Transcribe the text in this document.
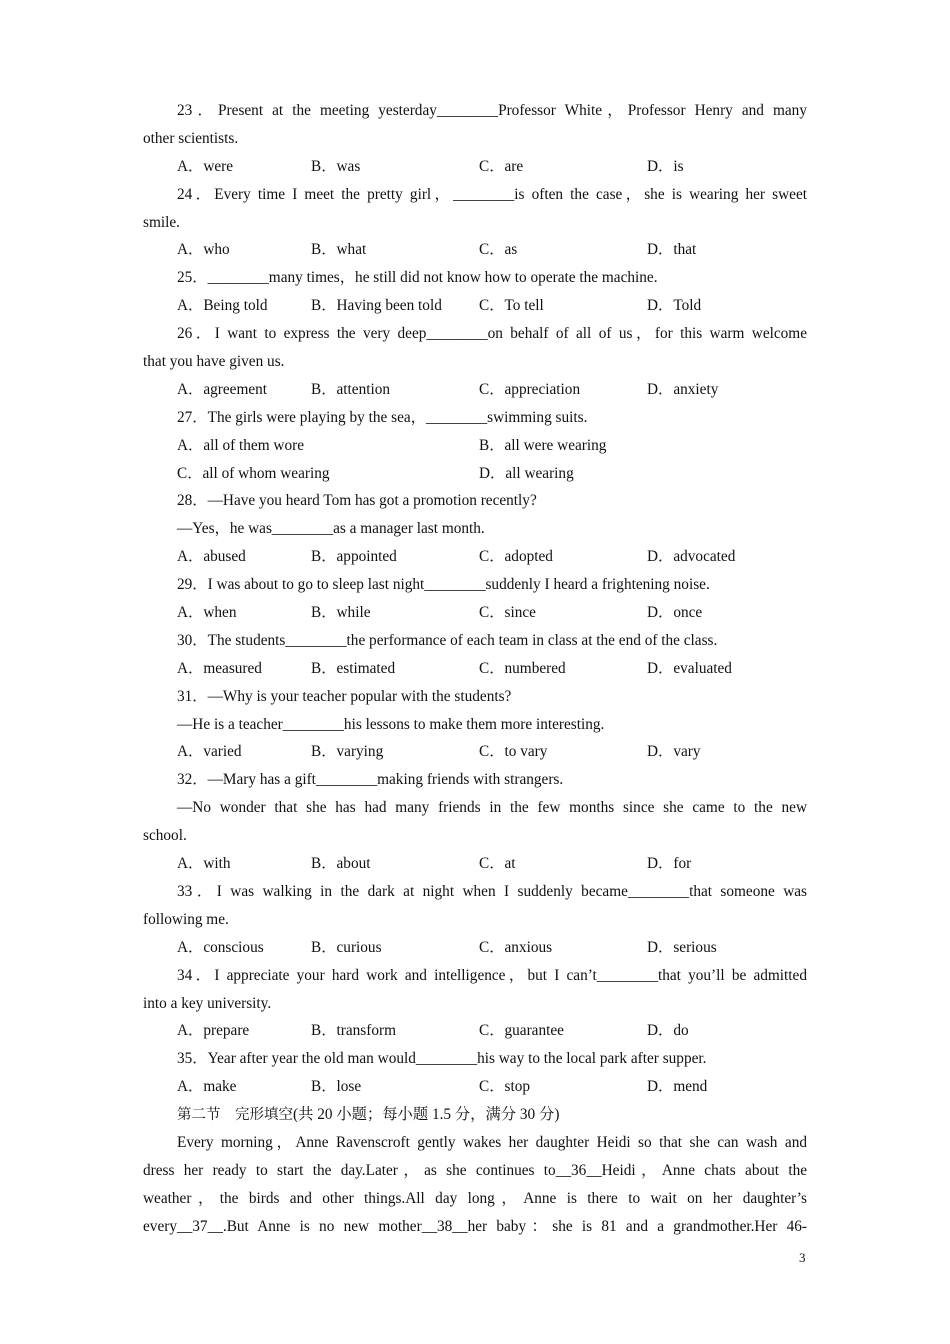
23．Present at the meeting yesterday________Professor White，Professor Henry and many
other scientists.
A．were	B．was	C．are	D．is
24．Every time I meet the pretty girl，________is often the case，she is wearing her sweet
smile.
A．who	B．what	C．as	D．that
25．________many times，he still did not know how to operate the machine.
A．Being told	B．Having been told	C．To tell	D．Told
26．I want to express the very deep________on behalf of all of us，for this warm welcome
that you have given us.
A．agreement	B．attention	C．appreciation	D．anxiety
27．The girls were playing by the sea，________swimming suits.
A．all of them wore	B．all were wearing
C．all of whom wearing	D．all wearing
28．—Have you heard Tom has got a promotion recently?
—Yes，he was________as a manager last month.
A．abused	B．appointed	C．adopted	D．advocated
29．I was about to go to sleep last night________suddenly I heard a frightening noise.
A．when	B．while	C．since	D．once
30．The students________the performance of each team in class at the end of the class.
A．measured	B．estimated	C．numbered	D．evaluated
31．—Why is your teacher popular with the students?
—He is a teacher________his lessons to make them more interesting.
A．varied	B．varying	C．to vary	D．vary
32．—Mary has a gift________making friends with strangers.
—No wonder that she has had many friends in the few months since she came to the new
school.
A．with	B．about	C．at	D．for
33．I was walking in the dark at night when I suddenly became________that someone was
following me.
A．conscious	B．curious	C．anxious	D．serious
34．I appreciate your hard work and intelligence，but I can’t________that you’ll be admitted
into a key university.
A．prepare	B．transform	C．guarantee	D．do
35．Year after year the old man would________his way to the local park after supper.
A．make	B．lose	C．stop	D．mend
第二节　完形填空(共 20 小题；每小题 1.5 分，满分 30 分)
Every morning，Anne Ravenscroft gently wakes her daughter Heidi so that she can wash and
dress her ready to start the day.Later，as she continues to__36__Heidi，Anne chats about the
weather，the birds and other things.All day long，Anne is there to wait on her daughter’s
every__37__.But Anne is no new mother__38__her baby：she is 81 and a grandmother.Her 46-
3
